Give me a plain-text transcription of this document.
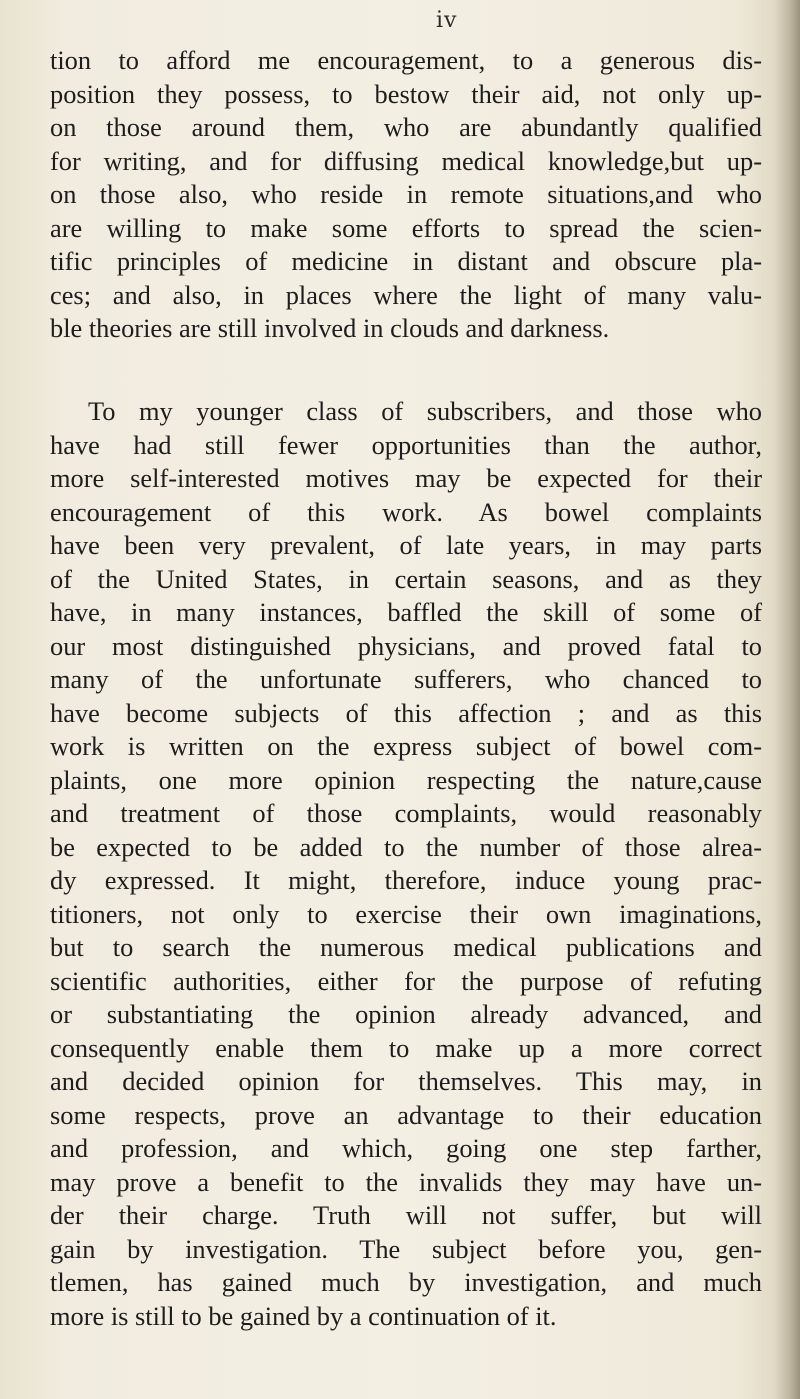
iv
tion to afford me encouragement, to a generous dis-
position they possess, to bestow their aid, not only up-
on those around them, who are abundantly qualified
for writing, and for diffusing medical knowledge,but up-
on those also, who reside in remote situations,and who
are willing to make some efforts to spread the scien-
tific principles of medicine in distant and obscure pla-
ces; and also, in places where the light of many valu-
ble theories are still involved in clouds and darkness.
To my younger class of subscribers, and those who
have had still fewer opportunities than the author,
more self-interested motives may be expected for their
encouragement of this work. As bowel complaints
have been very prevalent, of late years, in may parts
of the United States, in certain seasons, and as they
have, in many instances, baffled the skill of some of
our most distinguished physicians, and proved fatal to
many of the unfortunate sufferers, who chanced to
have become subjects of this affection ; and as this
work is written on the express subject of bowel com-
plaints, one more opinion respecting the nature,cause
and treatment of those complaints, would reasonably
be expected to be added to the number of those alrea-
dy expressed. It might, therefore, induce young prac-
titioners, not only to exercise their own imaginations,
but to search the numerous medical publications and
scientific authorities, either for the purpose of refuting
or substantiating the opinion already advanced, and
consequently enable them to make up a more correct
and decided opinion for themselves. This may, in
some respects, prove an advantage to their education
and profession, and which, going one step farther,
may prove a benefit to the invalids they may have un-
der their charge. Truth will not suffer, but will
gain by investigation. The subject before you, gen-
tlemen, has gained much by investigation, and much
more is still to be gained by a continuation of it.
